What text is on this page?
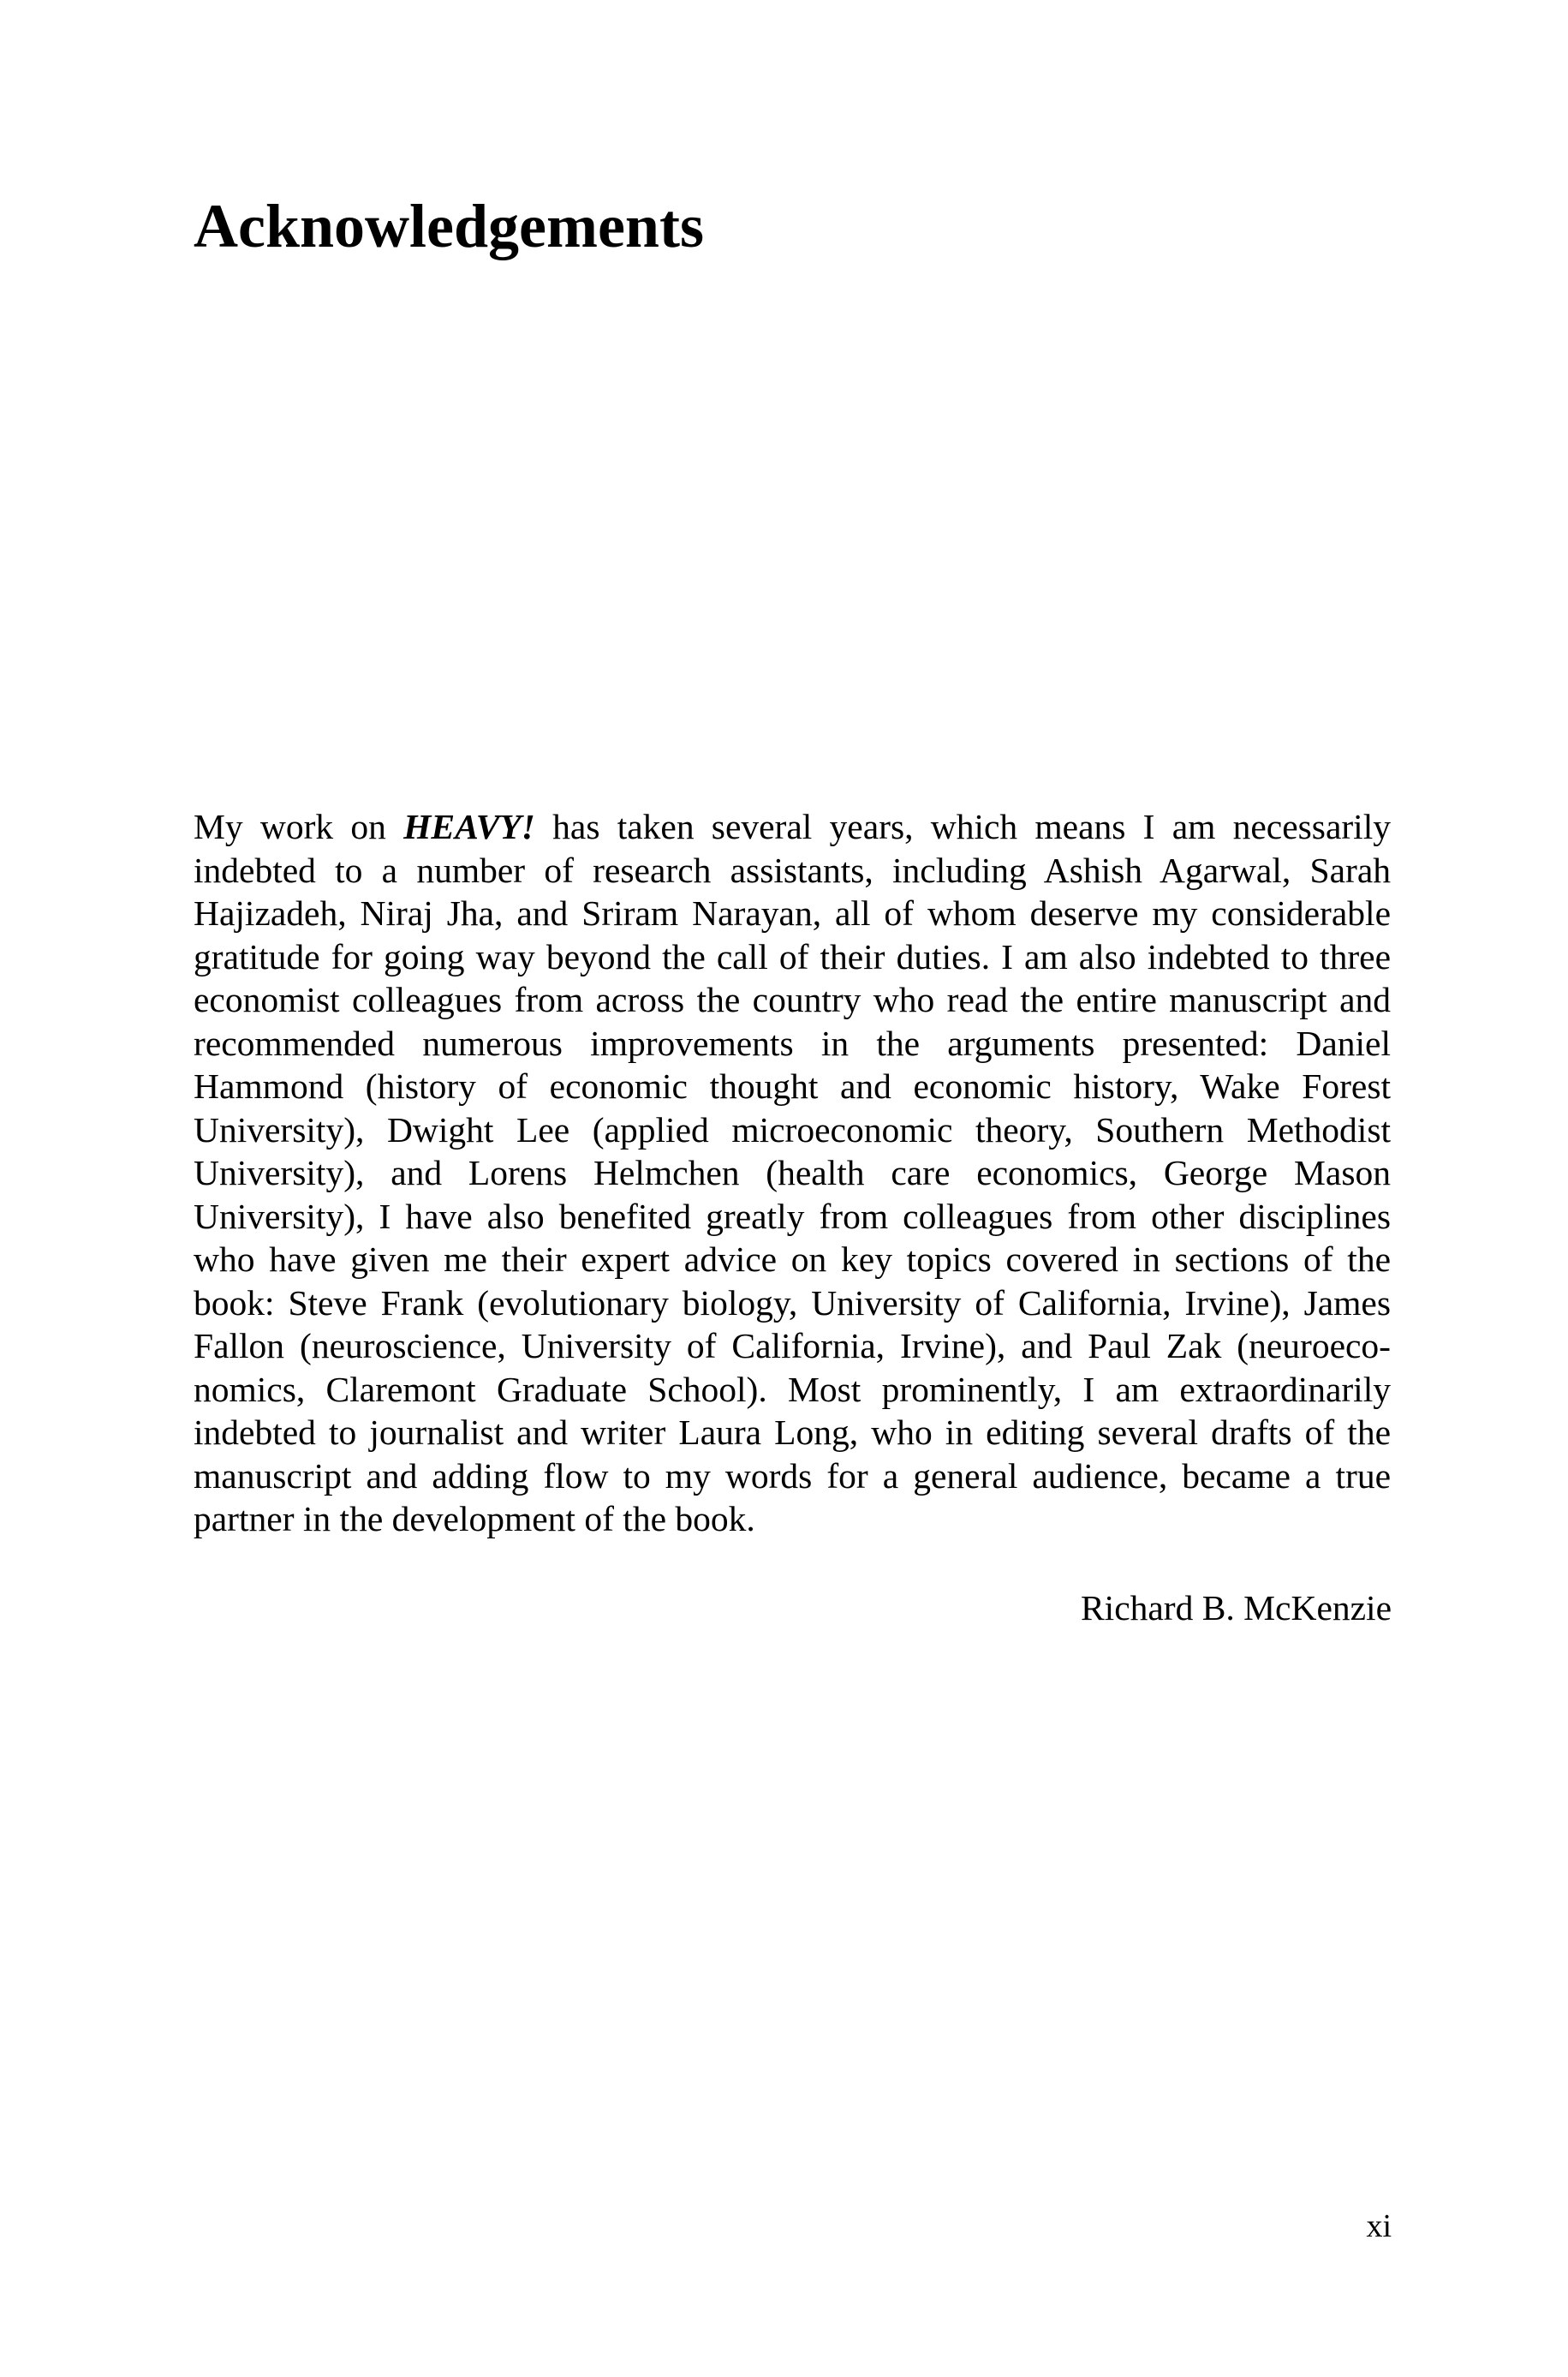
Acknowledgements

My work on HEAVY! has taken several years, which means I am necessarily indebted to a number of research assistants, including Ashish Agarwal, Sarah Hajizadeh, Niraj Jha, and Sriram Narayan, all of whom deserve my considerable gratitude for going way beyond the call of their duties. I am also indebted to three economist colleagues from across the country who read the entire manuscript and recommended numerous improvements in the arguments presented: Daniel Hammond (history of economic thought and economic history, Wake Forest University), Dwight Lee (applied microeconomic theory, Southern Methodist University), and Lorens Helmchen (health care economics, George Mason University), I have also benefited greatly from colleagues from other disciplines who have given me their expert advice on key topics covered in sections of the book: Steve Frank (evolutionary biology, University of California, Irvine), James Fallon (neuroscience, University of California, Irvine), and Paul Zak (neuroeconomics, Claremont Graduate School). Most prominently, I am extraordinarily indebted to journalist and writer Laura Long, who in editing several drafts of the manuscript and adding flow to my words for a general audience, became a true partner in the development of the book.

Richard B. McKenzie

xi
